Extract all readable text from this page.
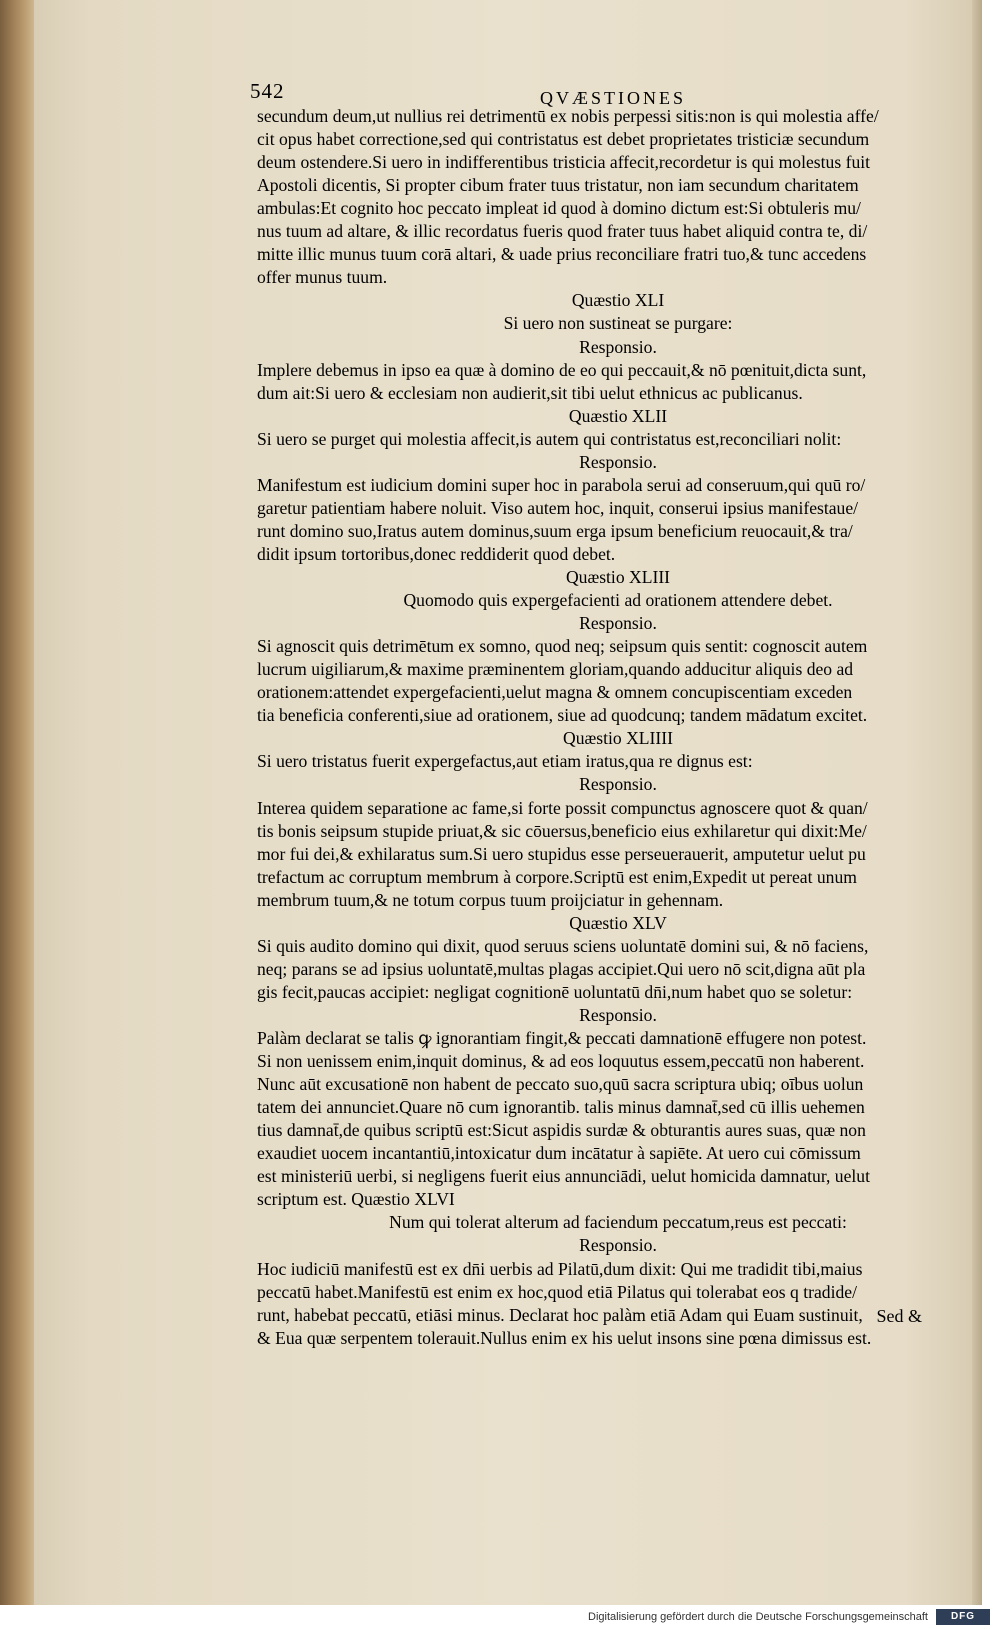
542	QVÆSTIONES
secundum deum,ut nullius rei detrimentū ex nobis perpessi sitis:non is qui molestia affe/
cit opus habet correctione,sed qui contristatus est debet proprietates tristiciæ secundum
deum ostendere.Si uero in indifferentibus tristicia affecit,recordetur is qui molestus fuit
Apostoli dicentis, Si propter cibum frater tuus tristatur, non iam secundum charitatem
ambulas:Et cognito hoc peccato impleat id quod à domino dictum est:Si obtuleris mu/
nus tuum ad altare, & illic recordatus fueris quod frater tuus habet aliquid contra te, di/
mitte illic munus tuum corā altari, & uade prius reconciliare fratri tuo,& tunc accedens
offer munus tuum.
Quæstio XLI
Si uero non sustineat se purgare:
Responsio.
Implere debemus in ipso ea quæ à domino de eo qui peccauit,& nō pœnituit,dicta sunt,
dum ait:Si uero & ecclesiam non audierit,sit tibi uelut ethnicus ac publicanus.
Quæstio XLII
Si uero se purget qui molestia affecit,is autem qui contristatus est,reconciliari nolit:
Responsio.
Manifestum est iudicium domini super hoc in parabola serui ad conseruum,qui quū ro/
garetur patientiam habere noluit. Viso autem hoc, inquit, conserui ipsius manifestaue/
runt domino suo,Iratus autem dominus,suum erga ipsum beneficium reuocauit,& tra/
didit ipsum tortoribus,donec reddiderit quod debet.
Quæstio XLIII
Quomodo quis expergefacienti ad orationem attendere debet.
Responsio.
Si agnoscit quis detrimētum ex somno, quod neq; seipsum quis sentit: cognoscit autem
lucrum uigiliarum,& maxime præminentem gloriam,quando adducitur aliquis deo ad
orationem:attendet expergefacienti,uelut magna & omnem concupiscentiam exceden
tia beneficia conferenti,siue ad orationem, siue ad quodcunq; tandem mādatum excitet.
Quæstio XLIIII
Si uero tristatus fuerit expergefactus,aut etiam iratus,qua re dignus est:
Responsio.
Interea quidem separatione ac fame,si forte possit compunctus agnoscere quot & quan/
tis bonis seipsum stupide priuat,& sic cōuersus,beneficio eius exhilaretur qui dixit:Me/
mor fui dei,& exhilaratus sum.Si uero stupidus esse perseuerauerit, amputetur uelut pu
trefactum ac corruptum membrum à corpore.Scriptū est enim,Expedit ut pereat unum
membrum tuum,& ne totum corpus tuum proijciatur in gehennam.
Quæstio XLV
Si quis audito domino qui dixit, quod seruus sciens uoluntatē domini sui, & nō faciens,
neq; parans se ad ipsius uoluntatē,multas plagas accipiet.Qui uero nō scit,digna aūt pla
gis fecit,paucas accipiet: negligat cognitionē uoluntatū dn̄i,num habet quo se soletur:
Responsio.
Palàm declarat se talis ꝙ ignorantiam fingit,& peccati damnationē effugere non potest.
Si non uenissem enim,inquit dominus, & ad eos loquutus essem,peccatū non haberent.
Nunc aūt excusationē non habent de peccato suo,quū sacra scriptura ubiq; oībus uolun
tatem dei annunciet.Quare nō cum ignorantib. talis minus damnat̄,sed cū illis uehemen
tius damnat̄,de quibus scriptū est:Sicut aspidis surdæ & obturantis aures suas, quæ non
exaudiet uocem incantantiū,intoxicatur dum incātatur à sapiēte. At uero cui cōmissum
est ministeriū uerbi, si negligens fuerit eius annunciādi, uelut homicida damnatur, uelut
scriptum est. Quæstio XLVI
Num qui tolerat alterum ad faciendum peccatum,reus est peccati:
Responsio.
Hoc iudiciū manifestū est ex dn̄i uerbis ad Pilatū,dum dixit: Qui me tradidit tibi,maius
peccatū habet.Manifestū est enim ex hoc,quod etiā Pilatus qui tolerabat eos q tradide/
runt, habebat peccatū, etiāsi minus. Declarat hoc palàm etiā Adam qui Euam sustinuit,
& Eua quæ serpentem tolerauit.Nullus enim ex his uelut insons sine pœna dimissus est.
Sed &
Digitalisierung gefördert durch die Deutsche Forschungsgemeinschaft	DFG
